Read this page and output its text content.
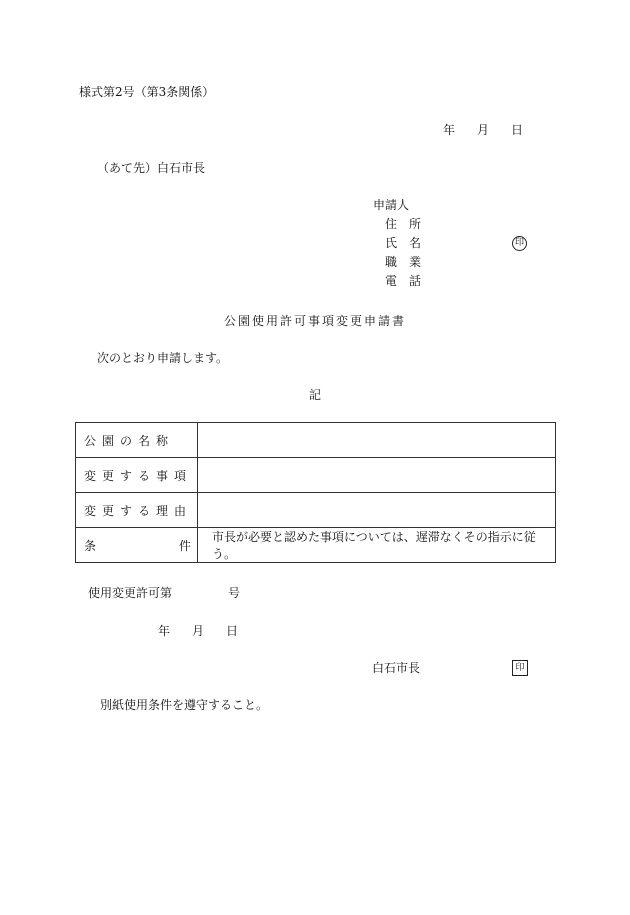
様式第2号（第3条関係）
年 月 日
（あて先）白石市長
申請人
住所
氏名	印
職業
電話
公園使用許可事項変更申請書
次のとおり申請します。
記
公園の名称	
変更する事項	
変更する理由	

条 件	市長が必要と認めた事項については、遅滞なくその指示に従う。
使用変更許可第	号
年 月 日
白石市長	印
別紙使用条件を遵守すること。
